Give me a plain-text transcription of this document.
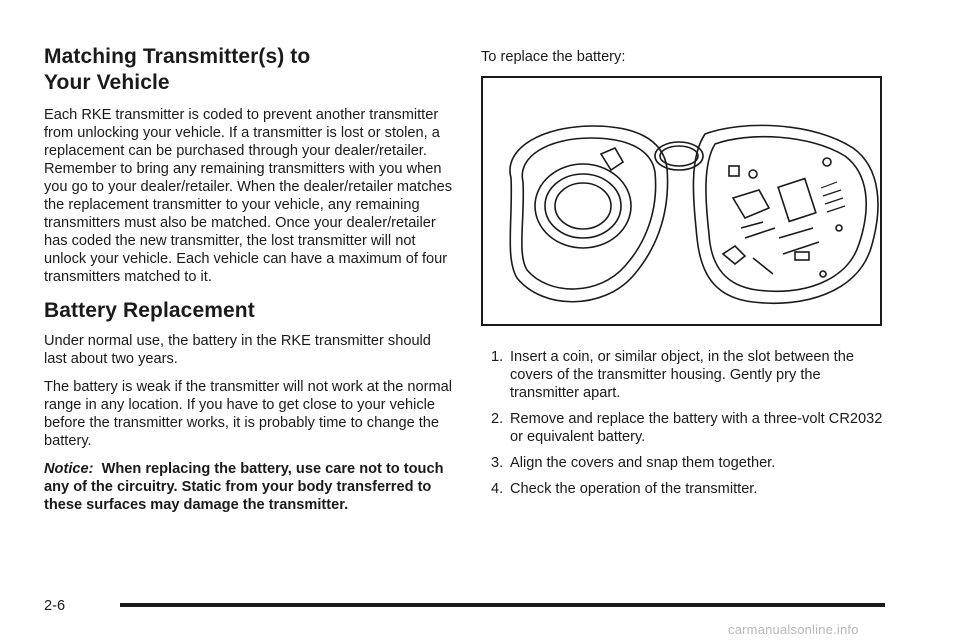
Matching Transmitter(s) to
Your Vehicle

Each RKE transmitter is coded to prevent another transmitter from unlocking your vehicle. If a transmitter is lost or stolen, a replacement can be purchased through your dealer/retailer. Remember to bring any remaining transmitters with you when you go to your dealer/retailer. When the dealer/retailer matches the replacement transmitter to your vehicle, any remaining transmitters must also be matched. Once your dealer/retailer has coded the new transmitter, the lost transmitter will not unlock your vehicle. Each vehicle can have a maximum of four transmitters matched to it.

Battery Replacement

Under normal use, the battery in the RKE transmitter should last about two years.

The battery is weak if the transmitter will not work at the normal range in any location. If you have to get close to your vehicle before the transmitter works, it is probably time to change the battery.

Notice: When replacing the battery, use care not to touch any of the circuitry. Static from your body transferred to these surfaces may damage the transmitter.

To replace the battery:

1. Insert a coin, or similar object, in the slot between the covers of the transmitter housing. Gently pry the transmitter apart.
2. Remove and replace the battery with a three-volt CR2032 or equivalent battery.
3. Align the covers and snap them together.
4. Check the operation of the transmitter.
2-6
carmanualsonline.info
